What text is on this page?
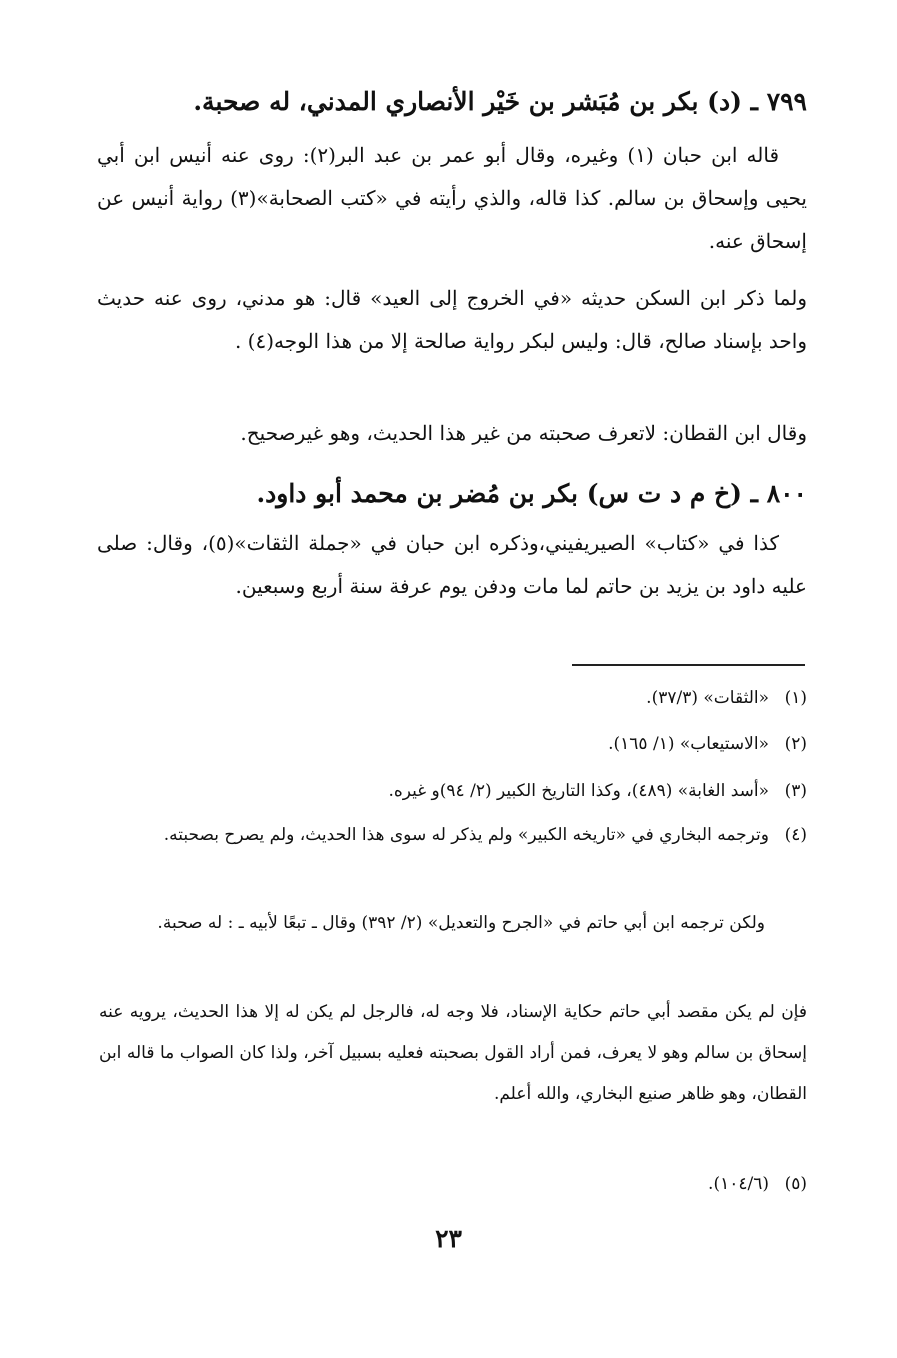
٧٩٩ ـ (د) بكر بن مُبَشر بن خَيْر الأنصاري المدني، له صحبة.

قاله ابن حبان (١) وغيره، وقال أبو عمر بن عبد البر(٢): روى عنه أنيس ابن أبي يحيى وإسحاق بن سالم. كذا قاله، والذي رأيته في «كتب الصحابة»(٣) رواية أنيس عن إسحاق عنه.

ولما ذكر ابن السكن حديثه «في الخروج إلى العيد» قال: هو مدني، روى عنه حديث واحد بإسناد صالح، قال: وليس لبكر رواية صالحة إلا من هذا الوجه(٤) .

وقال ابن القطان: لاتعرف صحبته من غير هذا الحديث، وهو غيرصحيح.

٨٠٠ ـ (خ م د ت س) بكر بن مُضر بن محمد أبو داود.

كذا في «كتاب» الصيريفيني،وذكره ابن حبان في «جملة الثقات»(٥)، وقال: صلى عليه داود بن يزيد بن حاتم لما مات ودفن يوم عرفة سنة أربع وسبعين.

(١)«الثقات» (٣٧/٣).

(٢)«الاستيعاب» (١/ ١٦٥).

(٣)«أسد الغابة» (٤٨٩)، وكذا التاريخ الكبير (٢/ ٩٤)و غيره.

(٤)وترجمه البخاري في «تاريخه الكبير» ولم يذكر له سوى هذا الحديث، ولم يصرح بصحبته.

ولكن ترجمه ابن أبي حاتم في «الجرح والتعديل» (٢/ ٣٩٢) وقال ـ تبعًا لأبيه ـ : له صحبة.

فإن لم يكن مقصد أبي حاتم حكاية الإسناد، فلا وجه له، فالرجل لم يكن له إلا هذا الحديث، يرويه عنه إسحاق بن سالم وهو لا يعرف، فمن أراد القول بصحبته فعليه بسبيل آخر، ولذا كان الصواب ما قاله ابن القطان، وهو ظاهر صنيع البخاري، والله أعلم.

(٥)(١٠٤/٦).

٢٣
